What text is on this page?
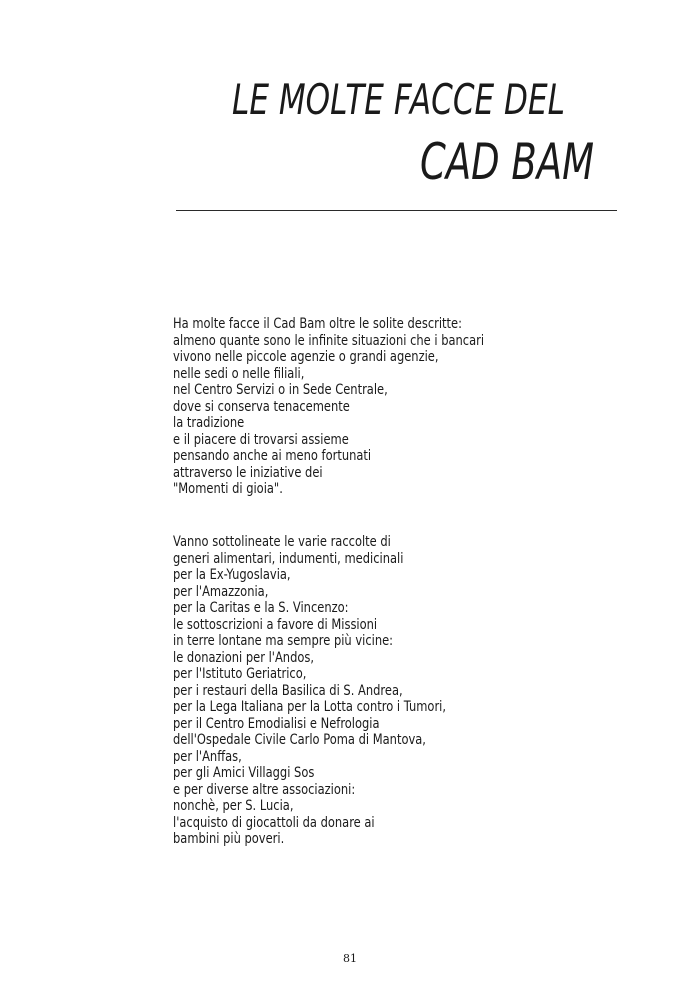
LE MOLTE FACCE DEL
CAD BAM
Ha molte facce il Cad Bam oltre le solite descritte:
almeno quante sono le infinite situazioni che i bancari
vivono nelle piccole agenzie o grandi agenzie,
nelle sedi o nelle filiali,
nel Centro Servizi o in Sede Centrale,
dove si conserva tenacemente
la tradizione
e il piacere di trovarsi assieme
pensando anche ai meno fortunati
attraverso le iniziative dei
"Momenti di gioia".
Vanno sottolineate le varie raccolte di
generi alimentari, indumenti, medicinali
per la Ex-Yugoslavia,
per l'Amazzonia,
per la Caritas e la S. Vincenzo:
le sottoscrizioni a favore di Missioni
in terre lontane ma sempre più vicine:
le donazioni per l'Andos,
per l'Istituto Geriatrico,
per i restauri della Basilica di S. Andrea,
per la Lega Italiana per la Lotta contro i Tumori,
per il Centro Emodialisi e Nefrologia
dell'Ospedale Civile Carlo Poma di Mantova,
per l'Anffas,
per gli Amici Villaggi Sos
e per diverse altre associazioni:
nonchè, per S. Lucia,
l'acquisto di giocattoli da donare ai
bambini più poveri.
81
